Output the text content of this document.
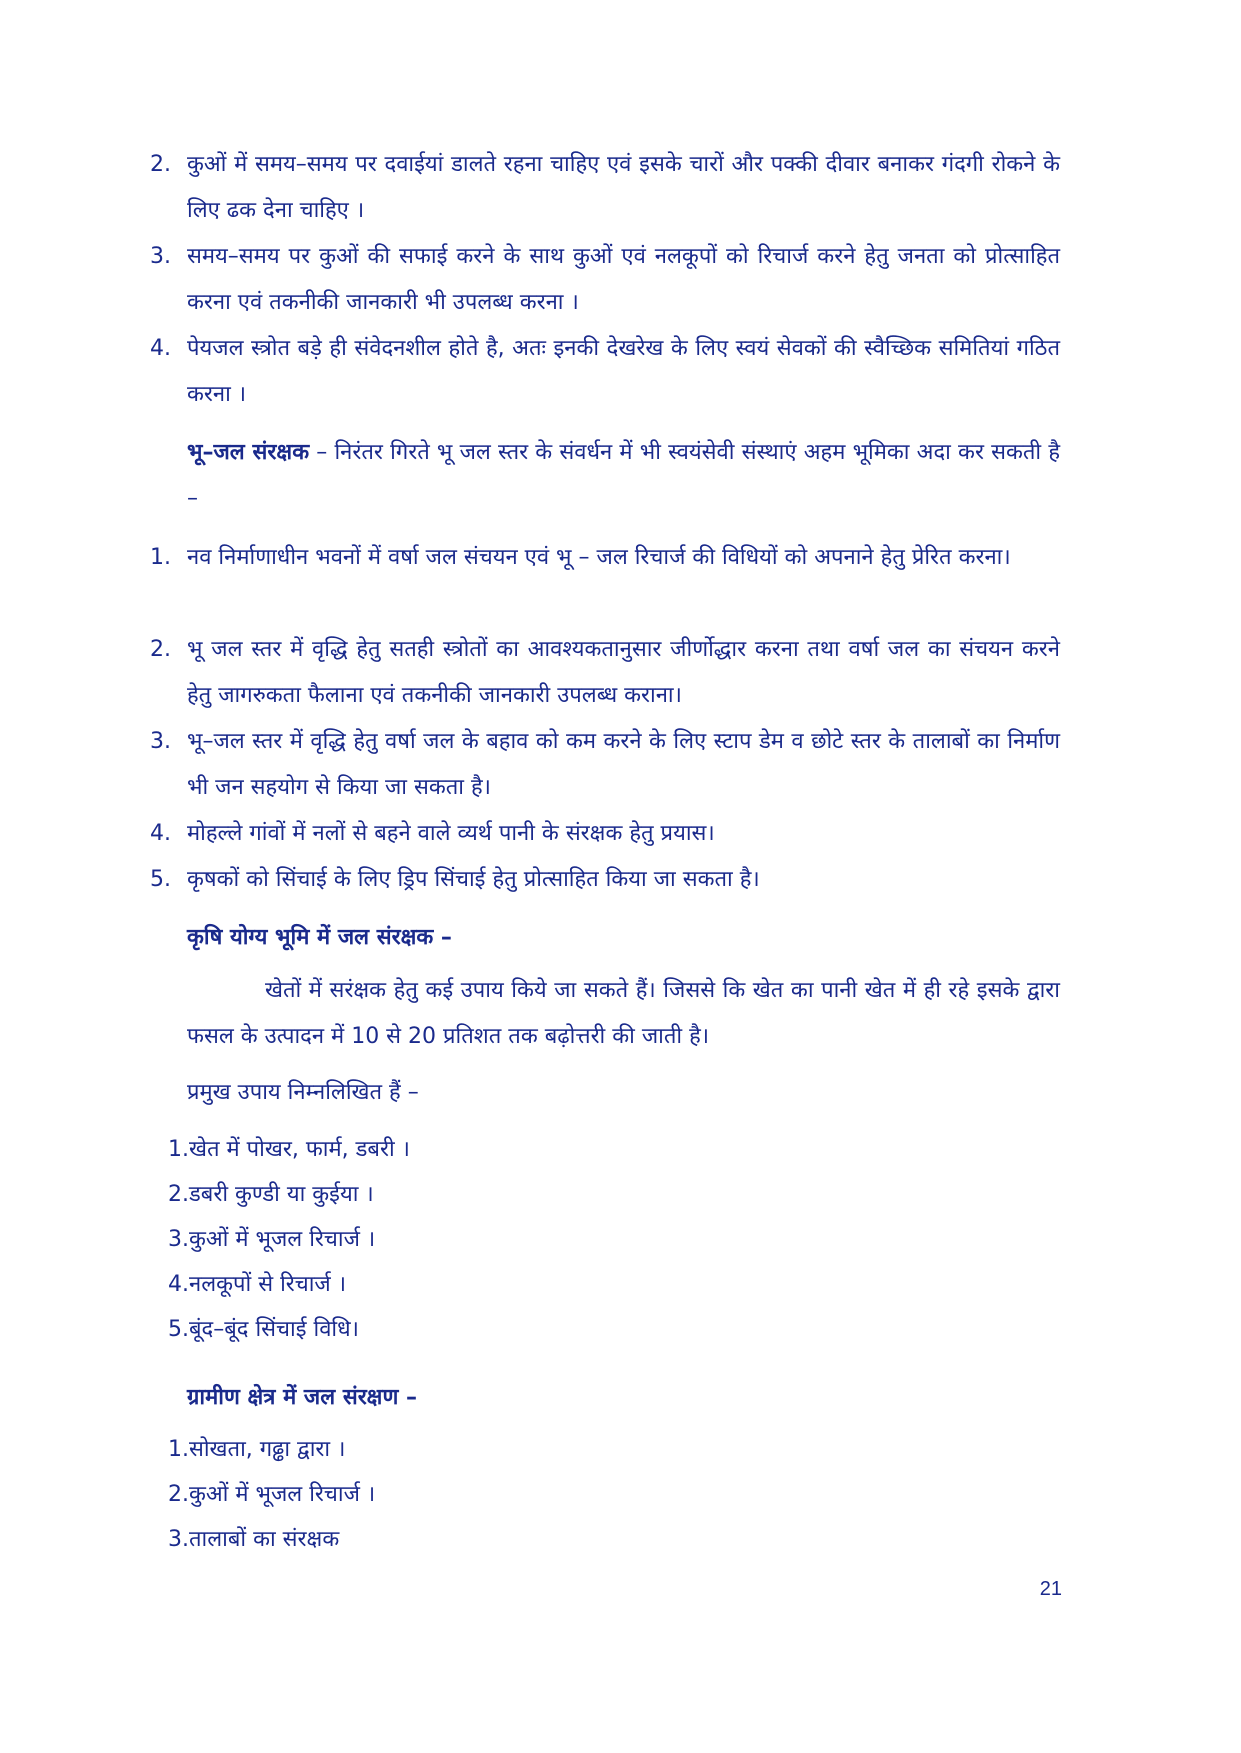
2. कुओं में समय–समय पर दवाईयां डालते रहना चाहिए एवं इसके चारों और पक्की दीवार बनाकर गंदगी रोकने के लिए ढक देना चाहिए ।
3. समय–समय पर कुओं की सफाई करने के साथ कुओं एवं नलकूपों को रिचार्ज करने हेतु जनता को प्रोत्साहित करना एवं तकनीकी जानकारी भी उपलब्ध करना ।
4. पेयजल स्त्रोत बड़े ही संवेदनशील होते है, अतः इनकी देखरेख के लिए स्वयं सेवकों की स्वैच्छिक समितियां गठित करना ।
भू–जल संरक्षक – निरंतर गिरते भू जल स्तर के संवर्धन में भी स्वयंसेवी संस्थाएं अहम भूमिका अदा कर सकती है –
1. नव निर्माणाधीन भवनों में वर्षा जल संचयन एवं भू – जल रिचार्ज की विधियों को अपनाने हेतु प्रेरित करना।
2. भू जल स्तर में वृद्धि हेतु सतही स्त्रोतों का आवश्यकतानुसार जीर्णोद्धार करना तथा वर्षा जल का संचयन करने हेतु जागरुकता फैलाना एवं तकनीकी जानकारी उपलब्ध कराना।
3. भू–जल स्तर में वृद्धि हेतु वर्षा जल के बहाव को कम करने के लिए स्टाप डेम व छोटे स्तर के तालाबों का निर्माण भी जन सहयोग से किया जा सकता है।
4. मोहल्ले गांवों में नलों से बहने वाले व्यर्थ पानी के संरक्षक हेतु प्रयास।
5. कृषकों को सिंचाई के लिए ड्रिप सिंचाई हेतु प्रोत्साहित किया जा सकता है।
कृषि योग्य भूमि में जल संरक्षक –
खेतों में सरंक्षक हेतु कई उपाय किये जा सकते हैं। जिससे कि खेत का पानी खेत में ही रहे इसके द्वारा फसल के उत्पादन में 10 से 20 प्रतिशत तक बढ़ोत्तरी की जाती है।
प्रमुख उपाय निम्नलिखित हैं –
1.खेत में पोखर, फार्म, डबरी ।
2.डबरी कुण्डी या कुईया ।
3.कुओं में भूजल रिचार्ज ।
4.नलकूपों से रिचार्ज ।
5.बूंद–बूंद सिंचाई विधि।
ग्रामीण क्षेत्र में जल संरक्षण –
1.सोखता, गढ्ढा द्वारा ।
2.कुओं में भूजल रिचार्ज ।
3.तालाबों का संरक्षक
21
